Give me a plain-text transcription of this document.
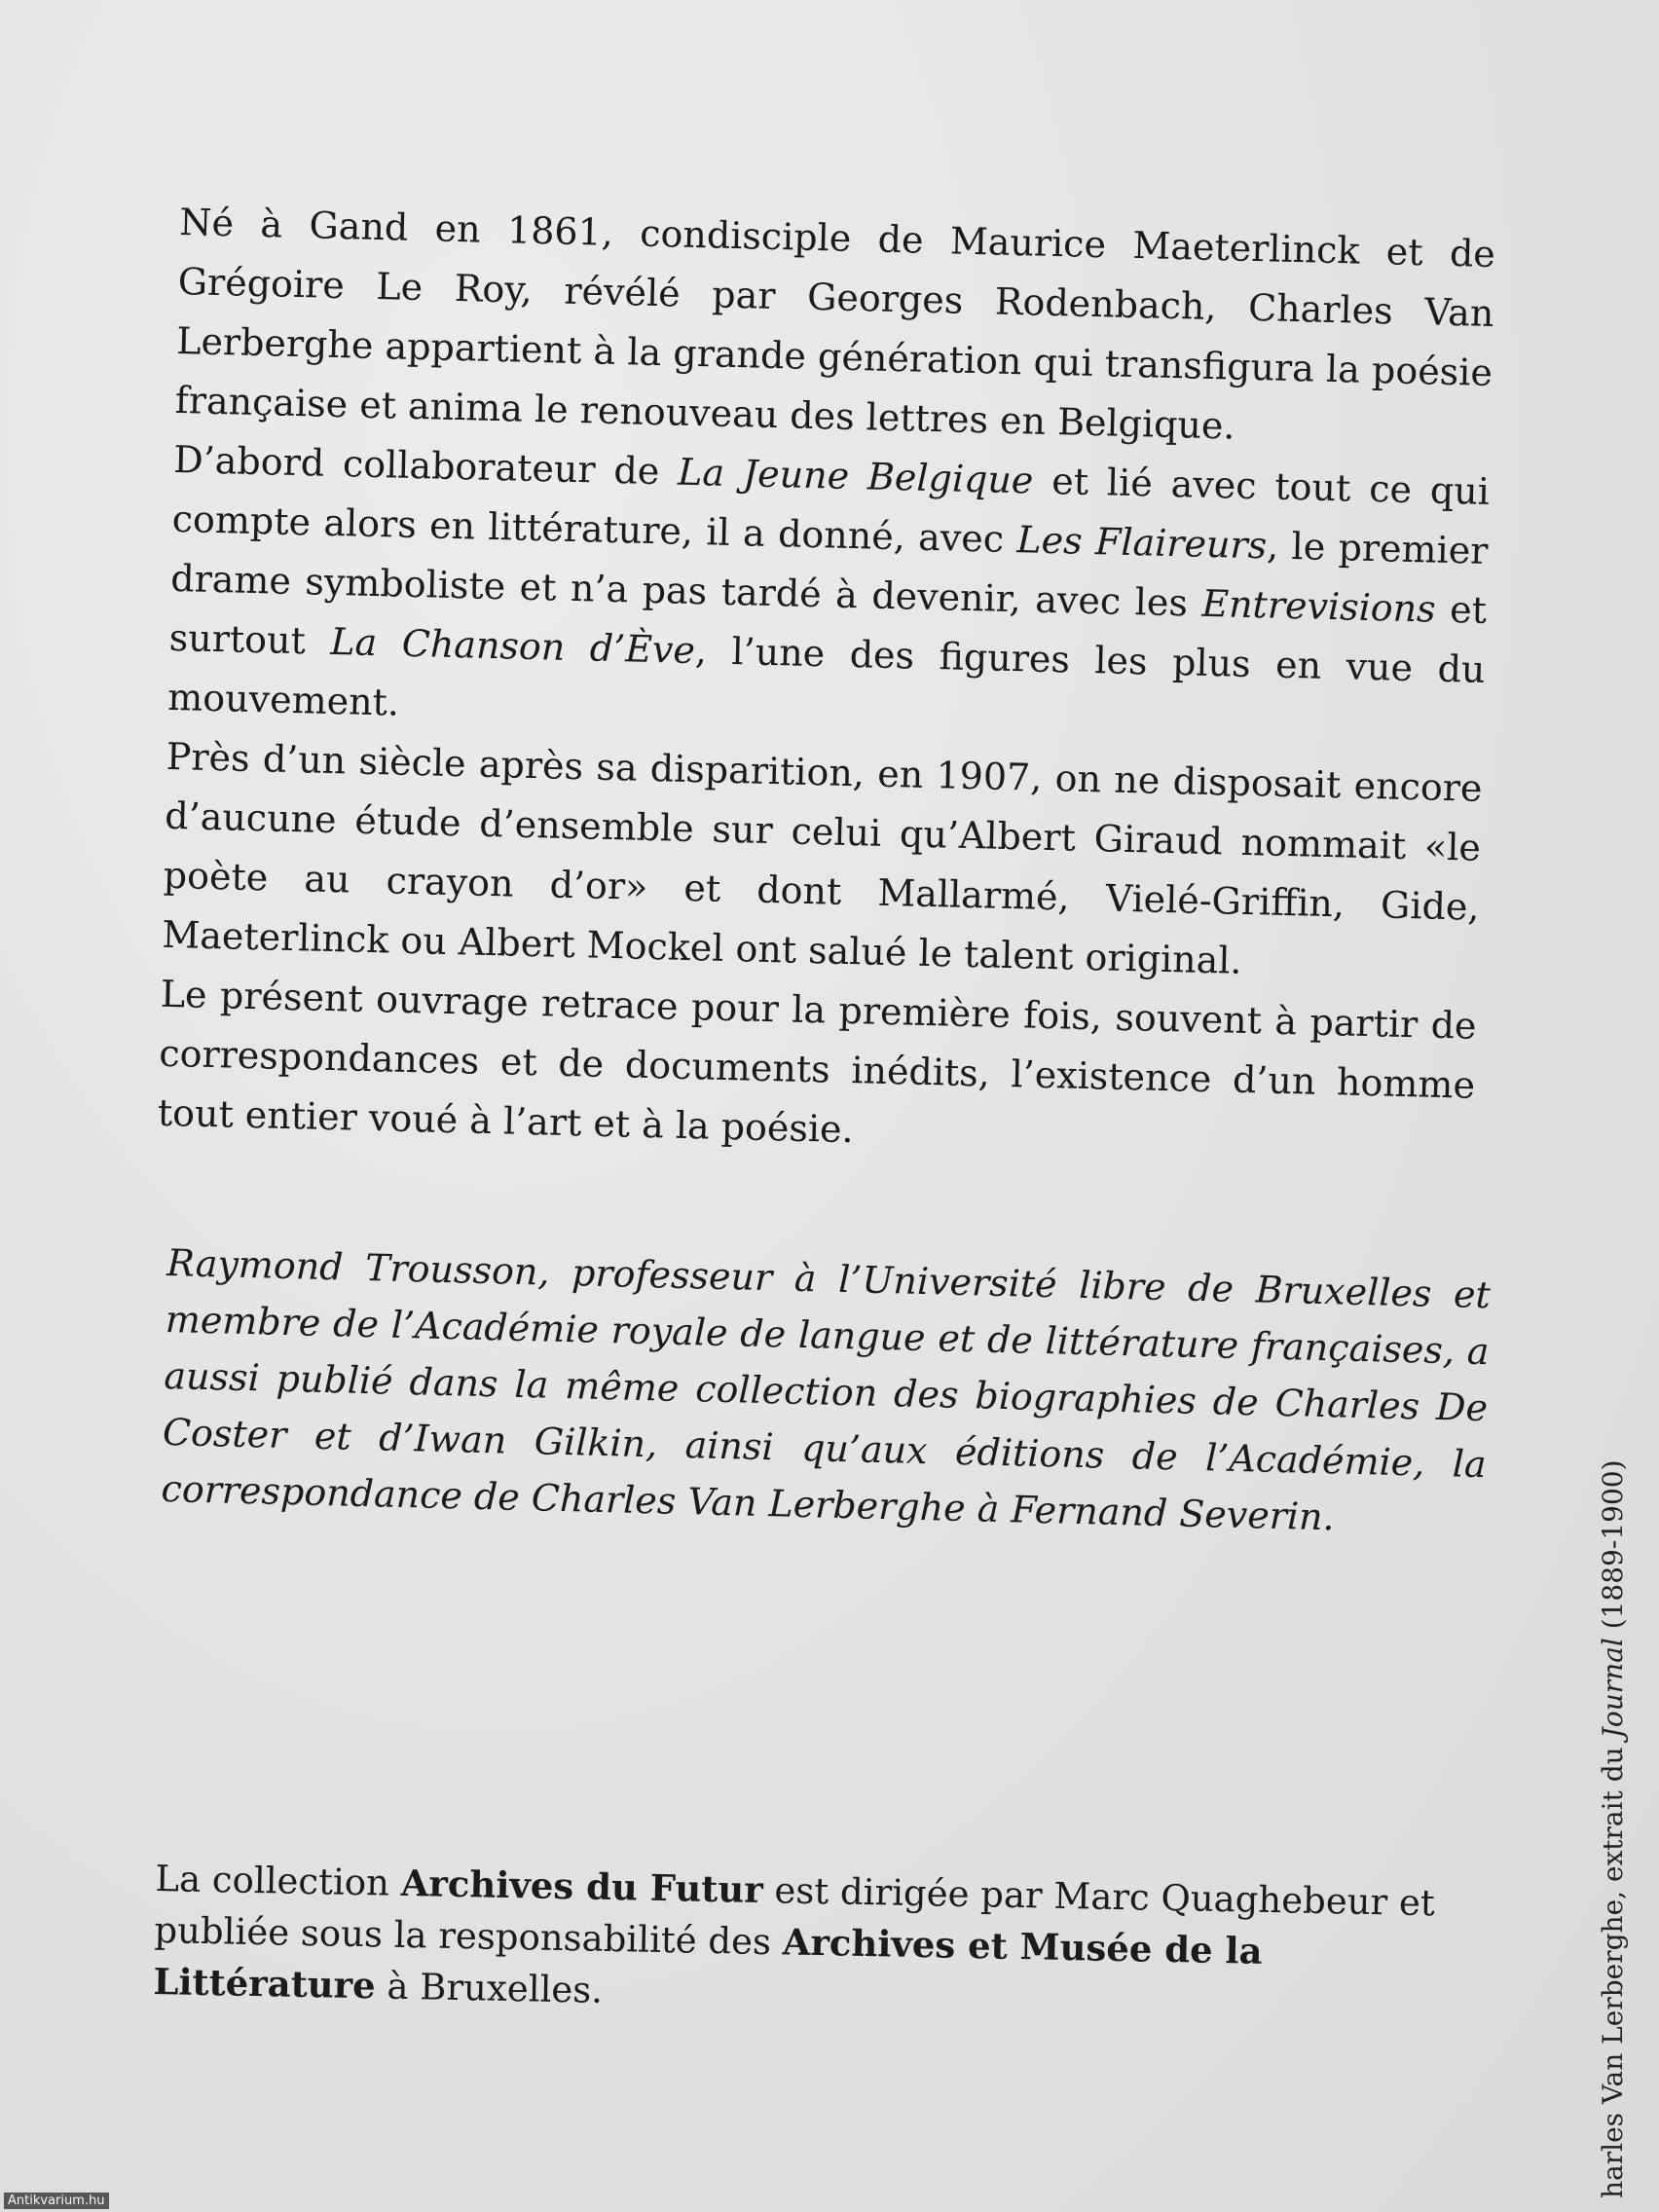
Né à Gand en 1861, condisciple de Maurice Maeterlinck et de Grégoire Le Roy, révélé par Georges Rodenbach, Charles Van Lerberghe appartient à la grande génération qui transfigura la poésie française et anima le renouveau des lettres en Belgique.

D’abord collaborateur de La Jeune Belgique et lié avec tout ce qui compte alors en littérature, il a donné, avec Les Flaireurs, le premier drame symboliste et n’a pas tardé à devenir, avec les Entrevisions et surtout La Chanson d’Ève, l’une des figures les plus en vue du mouvement.

Près d’un siècle après sa disparition, en 1907, on ne disposait encore d’aucune étude d’ensemble sur celui qu’Albert Giraud nommait «le poète au crayon d’or» et dont Mallarmé, Vielé-Griffin, Gide, Maeterlinck ou Albert Mockel ont salué le talent original.

Le présent ouvrage retrace pour la première fois, souvent à partir de correspondances et de documents inédits, l’existence d’un homme tout entier voué à l’art et à la poésie.

Raymond Trousson, professeur à l’Université libre de Bruxelles et membre de l’Académie royale de langue et de littérature françaises, a aussi publié dans la même collection des biographies de Charles De Coster et d’Iwan Gilkin, ainsi qu’aux éditions de l’Académie, la correspondance de Charles Van Lerberghe à Fernand Severin.

La collection Archives du Futur est dirigée par Marc Quaghebeur et publiée sous la responsabilité des Archives et Musée de la Littérature à Bruxelles.	harles Van Lerberghe, extrait du Journal (1889-1900)
Antikvarium.hu
